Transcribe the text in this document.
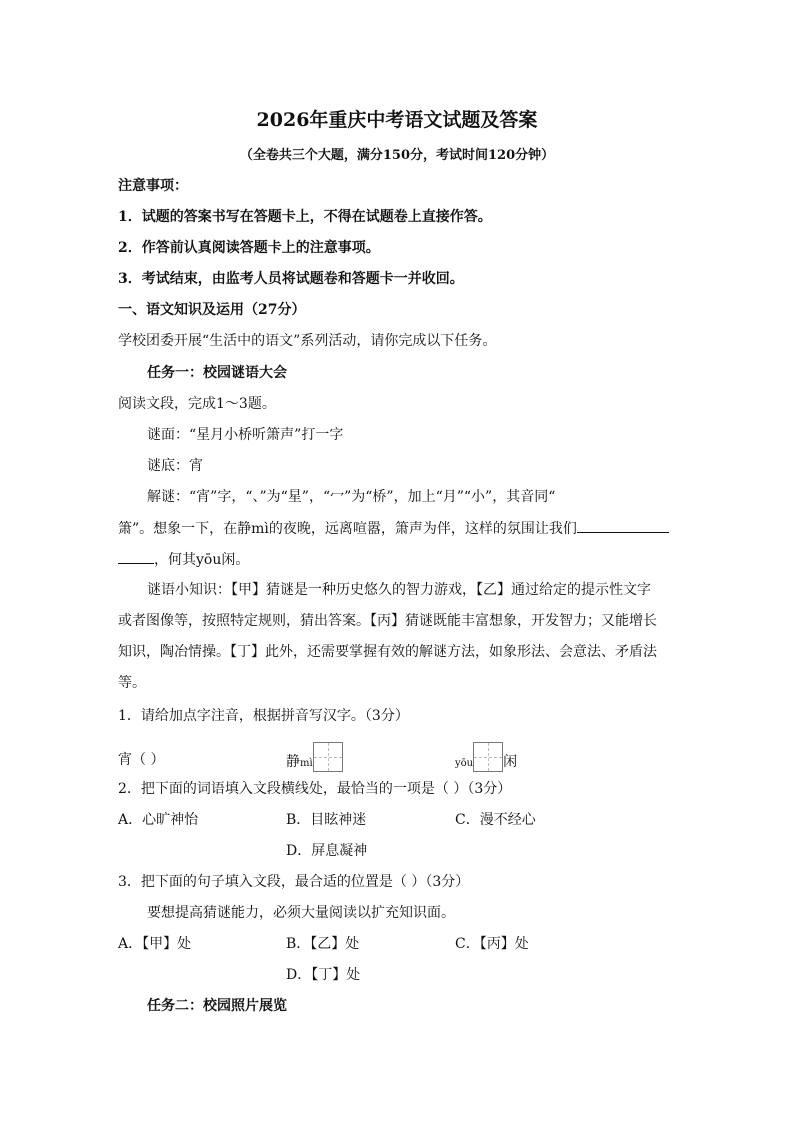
2026年重庆中考语文试题及答案
（全卷共三个大题，满分150分，考试时间120分钟）
注意事项：
1．试题的答案书写在答题卡上，不得在试题卷上直接作答。
2．作答前认真阅读答题卡上的注意事项。
3．考试结束，由监考人员将试题卷和答题卡一并收回。
一、语文知识及运用（27分）
学校团委开展“生活中的语文”系列活动，请你完成以下任务。
任务一：校园谜语大会
阅读文段，完成1～3题。
谜面：“星月小桥听箫声”打一字
谜底：宵
解谜：“宵”字，“、”为“星”，“冖”为“桥”，加上“月”“小”，其音同“
箫”。想象一下，在静mì的夜晚，远离喧嚣，箫声为伴，这样的氛围让我们
，何其yōu闲。
谜语小知识：【甲】猜谜是一种历史悠久的智力游戏，【乙】通过给定的提示性文字
或者图像等，按照特定规则，猜出答案。【丙】猜谜既能丰富想象，开发智力；又能增长
知识，陶冶情操。【丁】此外，还需要掌握有效的解谜方法，如象形法、会意法、矛盾法
等。
1．请给加点字注音，根据拼音写汉字。（3分）
宵（ ）	静mì	yōu 闲
2．把下面的词语填入文段横线处，最恰当的一项是（ ）（3分）
A．心旷神怡	B．目眩神迷	C．漫不经心
D．屏息凝神
3．把下面的句子填入文段，最合适的位置是（ ）（3分）
要想提高猜谜能力，必须大量阅读以扩充知识面。
A．【甲】处	B．【乙】处	C．【丙】处
D．【丁】处
任务二：校园照片展览
